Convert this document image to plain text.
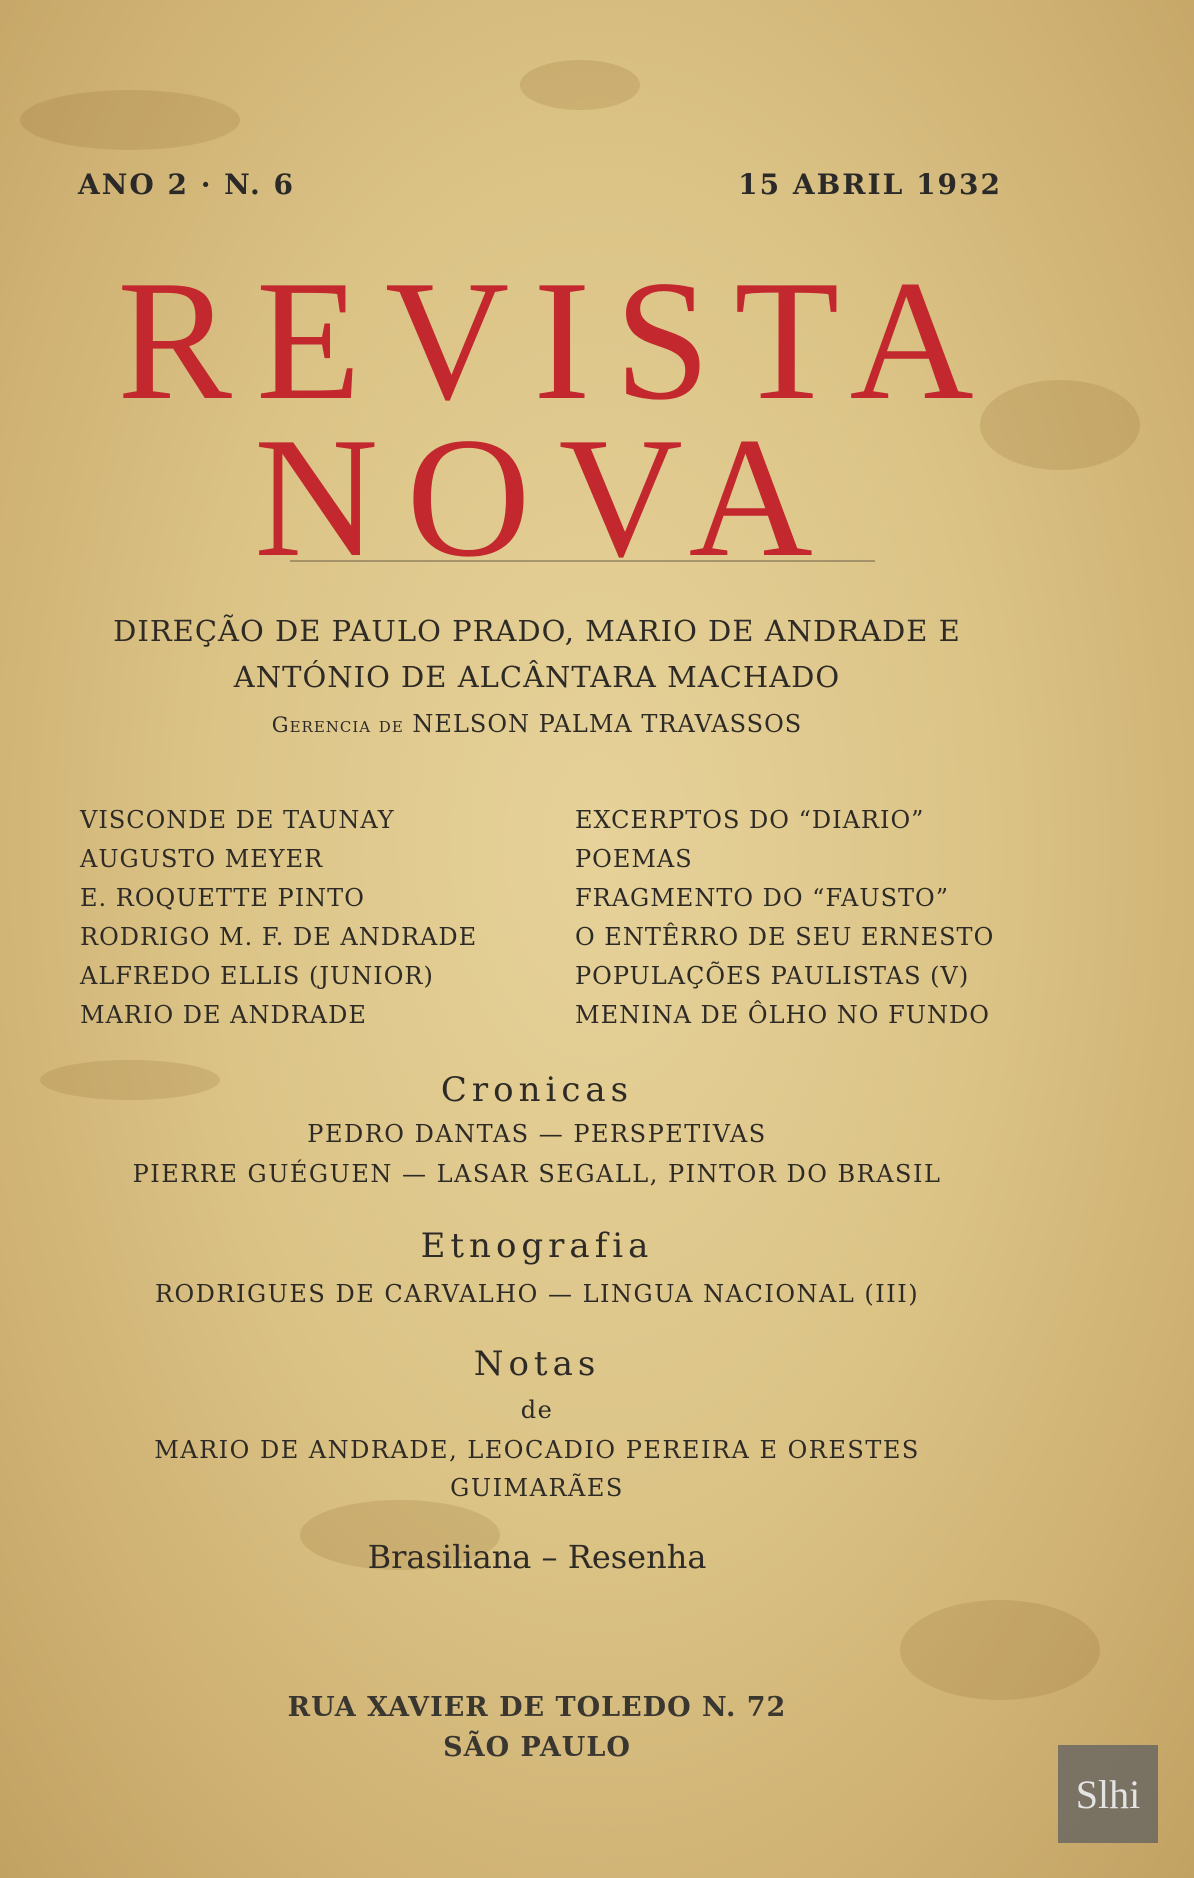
ANO 2 · N. 6	15 ABRIL 1932
REVISTA
NOVA
DIREÇÃO DE PAULO PRADO, MARIO DE ANDRADE E
ANTÓNIO DE ALCÂNTARA MACHADO
Gerencia de NELSON PALMA TRAVASSOS
VISCONDE DE TAUNAY	EXCERPTOS DO “DIARIO”
AUGUSTO MEYER	POEMAS
E. ROQUETTE PINTO	FRAGMENTO DO “FAUSTO”
RODRIGO M. F. DE ANDRADE	O ENTÊRRO DE SEU ERNESTO
ALFREDO ELLIS (JUNIOR)	POPULAÇÕES PAULISTAS (V)
MARIO DE ANDRADE	MENINA DE ÔLHO NO FUNDO
Cronicas
PEDRO DANTAS — PERSPETIVAS
PIERRE GUÉGUEN — LASAR SEGALL, PINTOR DO BRASIL
Etnografia
RODRIGUES DE CARVALHO — LINGUA NACIONAL (III)
Notas
de
MARIO DE ANDRADE, LEOCADIO PEREIRA E ORESTES
GUIMARÃES
Brasiliana – Resenha
RUA XAVIER DE TOLEDO N. 72
SÃO PAULO
Slhi
